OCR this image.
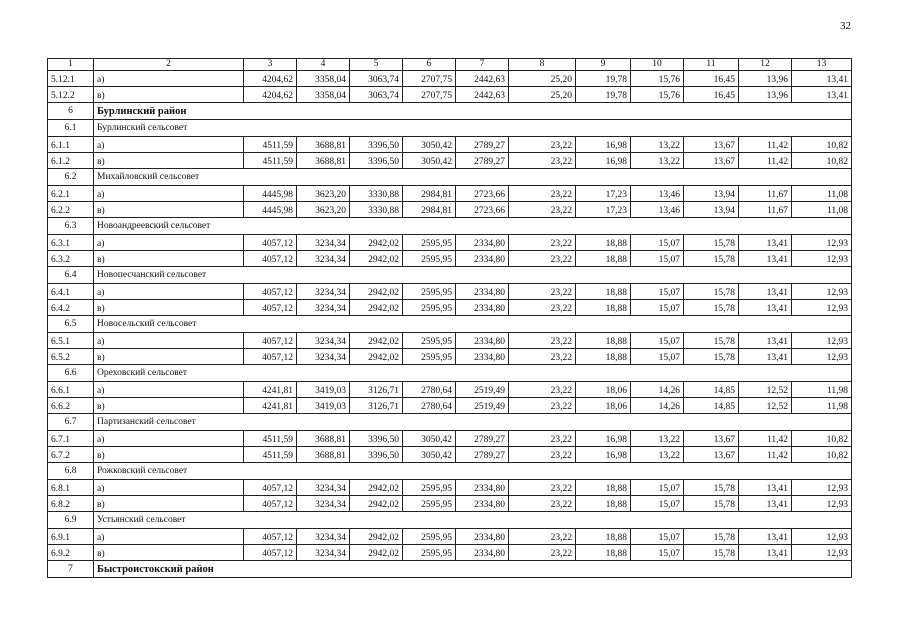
32
1	2	3	4	5	6	7	8	9	10	11	12	13
5.12.1	а)	4204,62	3358,04	3063,74	2707,75	2442,63	25,20	19,78	15,76	16,45	13,96	13,41
5.12.2	в)	4204,62	3358,04	3063,74	2707,75	2442,63	25,20	19,78	15,76	16,45	13,96	13,41
6	Бурлинский район											
6.1	Бурлинский сельсовет											
6.1.1	а)	4511,59	3688,81	3396,50	3050,42	2789,27	23,22	16,98	13,22	13,67	11,42	10,82
6.1.2	в)	4511,59	3688,81	3396,50	3050,42	2789,27	23,22	16,98	13,22	13,67	11,42	10,82
6.2	Михайловский сельсовет											
6.2.1	а)	4445,98	3623,20	3330,88	2984,81	2723,66	23,22	17,23	13,46	13,94	11,67	11,08
6.2.2	в)	4445,98	3623,20	3330,88	2984,81	2723,66	23,22	17,23	13,46	13,94	11,67	11,08
6.3	Новоандреевский сельсовет											
6.3.1	а)	4057,12	3234,34	2942,02	2595,95	2334,80	23,22	18,88	15,07	15,78	13,41	12,93
6.3.2	в)	4057,12	3234,34	2942,02	2595,95	2334,80	23,22	18,88	15,07	15,78	13,41	12,93
6.4	Новопесчанский сельсовет											
6.4.1	а)	4057,12	3234,34	2942,02	2595,95	2334,80	23,22	18,88	15,07	15,78	13,41	12,93
6.4.2	в)	4057,12	3234,34	2942,02	2595,95	2334,80	23,22	18,88	15,07	15,78	13,41	12,93
6.5	Новосельский сельсовет											
6.5.1	а)	4057,12	3234,34	2942,02	2595,95	2334,80	23,22	18,88	15,07	15,78	13,41	12,93
6.5.2	в)	4057,12	3234,34	2942,02	2595,95	2334,80	23,22	18,88	15,07	15,78	13,41	12,93
6.6	Ореховский сельсовет											
6.6.1	а)	4241,81	3419,03	3126,71	2780,64	2519,49	23,22	18,06	14,26	14,85	12,52	11,98
6.6.2	в)	4241,81	3419,03	3126,71	2780,64	2519,49	23,22	18,06	14,26	14,85	12,52	11,98
6.7	Партизанский сельсовет											
6.7.1	а)	4511,59	3688,81	3396,50	3050,42	2789,27	23,22	16,98	13,22	13,67	11,42	10,82
6.7.2	в)	4511,59	3688,81	3396,50	3050,42	2789,27	23,22	16,98	13,22	13,67	11,42	10,82
6.8	Рожковский сельсовет											
6.8.1	а)	4057,12	3234,34	2942,02	2595,95	2334,80	23,22	18,88	15,07	15,78	13,41	12,93
6.8.2	в)	4057,12	3234,34	2942,02	2595,95	2334,80	23,22	18,88	15,07	15,78	13,41	12,93
6.9	Устьянский сельсовет											
6.9.1	а)	4057,12	3234,34	2942,02	2595,95	2334,80	23,22	18,88	15,07	15,78	13,41	12,93
6.9.2	в)	4057,12	3234,34	2942,02	2595,95	2334,80	23,22	18,88	15,07	15,78	13,41	12,93
7	Быстроистокский район											
